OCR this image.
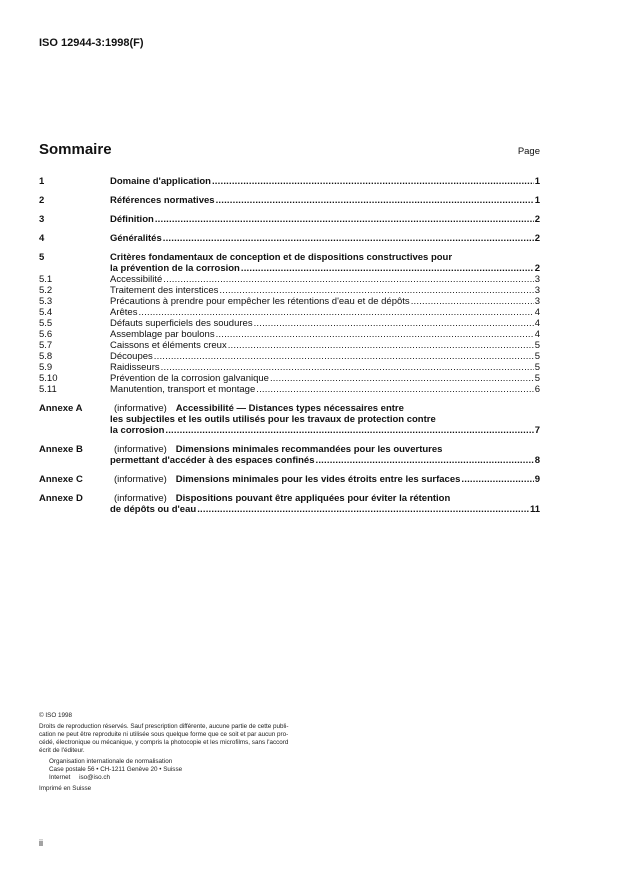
ISO 12944-3:1998(F)
Sommaire	Page
1	Domaine d'application .....	1
2	Références normatives .....	1
3	Définition .....	2
4	Généralités .....	2
5	Critères fondamentaux de conception et de dispositions constructives pour
la prévention de la corrosion .....	2
5.1	Accessibilité .....	3
5.2	Traitement des interstices .....	3
5.3	Précautions à prendre pour empêcher les rétentions d'eau et de dépôts .....	3
5.4	Arêtes .....	4
5.5	Défauts superficiels des soudures .....	4
5.6	Assemblage par boulons .....	4
5.7	Caissons et éléments creux .....	5
5.8	Découpes .....	5
5.9	Raidisseurs .....	5
5.10	Prévention de la corrosion galvanique .....	5
5.11	Manutention, transport et montage .....	6
Annexe A	(informative) Accessibilité — Distances types nécessaires entre
les subjectiles et les outils utilisés pour les travaux de protection contre
la corrosion .....	7
Annexe B	(informative) Dimensions minimales recommandées pour les ouvertures
permettant d'accéder à des espaces confinés .....	8
Annexe C	(informative) Dimensions minimales pour les vides étroits entre les surfaces .....	9
Annexe D	(informative) Dispositions pouvant être appliquées pour éviter la rétention
de dépôts ou d'eau .....	11

© ISO 1998

Droits de reproduction réservés. Sauf prescription différente, aucune partie de cette publi-

cation ne peut être reproduite ni utilisée sous quelque forme que ce soit et par aucun pro-

cédé, électronique ou mécanique, y compris la photocopie et les microfilms, sans l'accord

écrit de l'éditeur.

Organisation internationale de normalisation

Case postale 56 • CH-1211 Genève 20 • Suisse

Internet     iso@iso.ch

Imprimé en Suisse

ii
